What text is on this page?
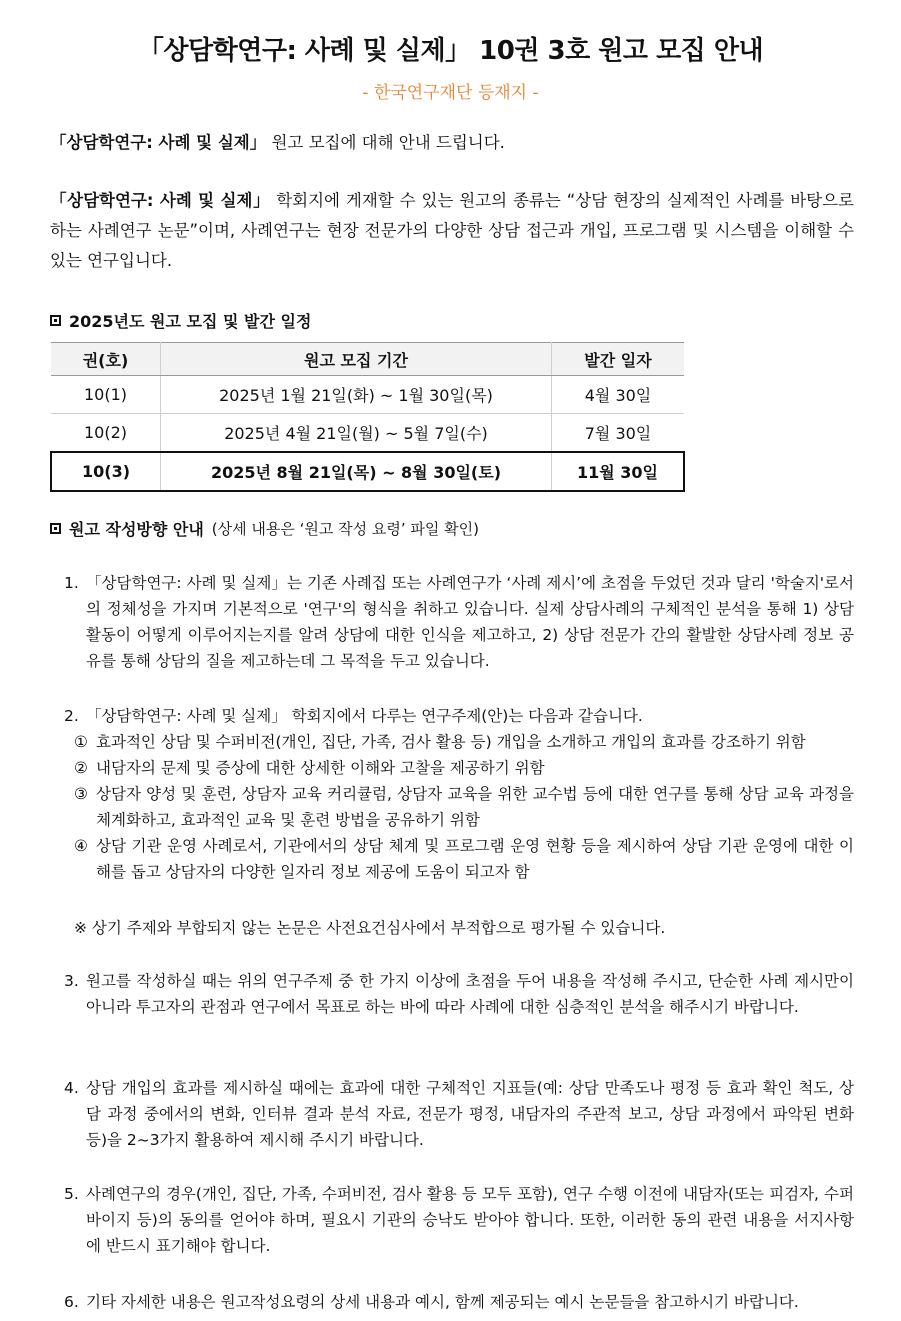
「상담학연구: 사례 및 실제」 10권 3호 원고 모집 안내
- 한국연구재단 등재지 -
「상담학연구: 사례 및 실제」 원고 모집에 대해 안내 드립니다.
「상담학연구: 사례 및 실제」 학회지에 게재할 수 있는 원고의 종류는 “상담 현장의 실제적인 사례를 바탕으로 하는 사례연구 논문”이며, 사례연구는 현장 전문가의 다양한 상담 접근과 개입, 프로그램 및 시스템을 이해할 수 있는 연구입니다.
2025년도 원고 모집 및 발간 일정
권(호)	원고 모집 기간	발간 일자
10(1)	2025년 1월 21일(화) ~ 1월 30일(목)	4월 30일
10(2)	2025년 4월 21일(월) ~ 5월 7일(수)	7월 30일
10(3)	2025년 8월 21일(목) ~ 8월 30일(토)	11월 30일
원고 작성방향 안내 (상세 내용은 ‘원고 작성 요령’ 파일 확인)
1. 「상담학연구: 사례 및 실제」는 기존 사례집 또는 사례연구가 ‘사례 제시’에 초점을 두었던 것과 달리 '학술지'로서의 정체성을 가지며 기본적으로 '연구'의 형식을 취하고 있습니다. 실제 상담사례의 구체적인 분석을 통해 1) 상담활동이 어떻게 이루어지는지를 알려 상담에 대한 인식을 제고하고, 2) 상담 전문가 간의 활발한 상담사례 정보 공유를 통해 상담의 질을 제고하는데 그 목적을 두고 있습니다.
2. 「상담학연구: 사례 및 실제」 학회지에서 다루는 연구주제(안)는 다음과 같습니다.
① 효과적인 상담 및 수퍼비전(개인, 집단, 가족, 검사 활용 등) 개입을 소개하고 개입의 효과를 강조하기 위함
② 내담자의 문제 및 증상에 대한 상세한 이해와 고찰을 제공하기 위함
③ 상담자 양성 및 훈련, 상담자 교육 커리큘럼, 상담자 교육을 위한 교수법 등에 대한 연구를 통해 상담 교육 과정을 체계화하고, 효과적인 교육 및 훈련 방법을 공유하기 위함
④ 상담 기관 운영 사례로서, 기관에서의 상담 체계 및 프로그램 운영 현황 등을 제시하여 상담 기관 운영에 대한 이해를 돕고 상담자의 다양한 일자리 정보 제공에 도움이 되고자 함
※ 상기 주제와 부합되지 않는 논문은 사전요건심사에서 부적합으로 평가될 수 있습니다.
3. 원고를 작성하실 때는 위의 연구주제 중 한 가지 이상에 초점을 두어 내용을 작성해 주시고, 단순한 사례 제시만이 아니라 투고자의 관점과 연구에서 목표로 하는 바에 따라 사례에 대한 심층적인 분석을 해주시기 바랍니다.
4. 상담 개입의 효과를 제시하실 때에는 효과에 대한 구체적인 지표들(예: 상담 만족도나 평정 등 효과 확인 척도, 상담 과정 중에서의 변화, 인터뷰 결과 분석 자료, 전문가 평정, 내담자의 주관적 보고, 상담 과정에서 파악된 변화 등)을 2~3가지 활용하여 제시해 주시기 바랍니다.
5. 사례연구의 경우(개인, 집단, 가족, 수퍼비전, 검사 활용 등 모두 포함), 연구 수행 이전에 내담자(또는 피검자, 수퍼바이지 등)의 동의를 얻어야 하며, 필요시 기관의 승낙도 받아야 합니다. 또한, 이러한 동의 관련 내용을 서지사항에 반드시 표기해야 합니다.
6. 기타 자세한 내용은 원고작성요령의 상세 내용과 예시, 함께 제공되는 예시 논문들을 참고하시기 바랍니다.
